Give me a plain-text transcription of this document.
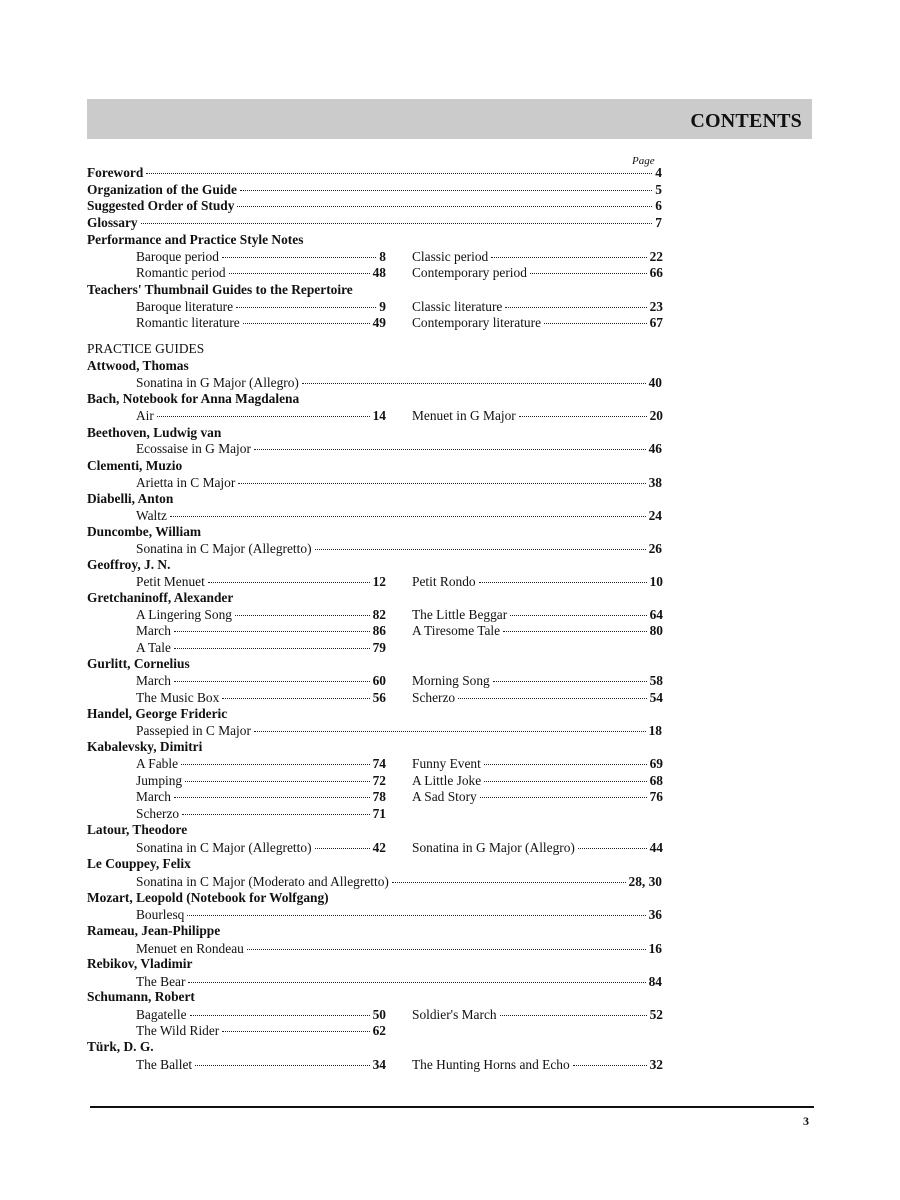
CONTENTS
Page
Foreword	4
Organization of the Guide	5
Suggested Order of Study	6
Glossary	7
Performance and Practice Style Notes
Baroque period	8 Classic period	22
Romantic period	48 Contemporary period	66
Teachers' Thumbnail Guides to the Repertoire
Baroque literature	9 Classic literature	23
Romantic literature	49 Contemporary literature	67
PRACTICE GUIDES
Attwood, Thomas
Sonatina in G Major (Allegro)	40
Bach, Notebook for Anna Magdalena
Air	14 Menuet in G Major	20
Beethoven, Ludwig van
Ecossaise in G Major	46
Clementi, Muzio
Arietta in C Major	38
Diabelli, Anton
Waltz	24
Duncombe, William
Sonatina in C Major (Allegretto)	26
Geoffroy, J. N.
Petit Menuet	12 Petit Rondo	10
Gretchaninoff, Alexander
A Lingering Song	82 The Little Beggar	64
March	86 A Tiresome Tale	80
A Tale	79
Gurlitt, Cornelius
March	60 Morning Song	58
The Music Box	56 Scherzo	54
Handel, George Frideric
Passepied in C Major	18
Kabalevsky, Dimitri
A Fable	74 Funny Event	69
Jumping	72 A Little Joke	68
March	78 A Sad Story	76
Scherzo	71
Latour, Theodore
Sonatina in C Major (Allegretto)	42 Sonatina in G Major (Allegro)	44
Le Couppey, Felix
Sonatina in C Major (Moderato and Allegretto)	28, 30
Mozart, Leopold (Notebook for Wolfgang)
Bourlesq	36
Rameau, Jean-Philippe
Menuet en Rondeau	16
Rebikov, Vladimir
The Bear	84
Schumann, Robert
Bagatelle	50 Soldier's March	52
The Wild Rider	62
Türk, D. G.
The Ballet	34 The Hunting Horns and Echo	32
3
